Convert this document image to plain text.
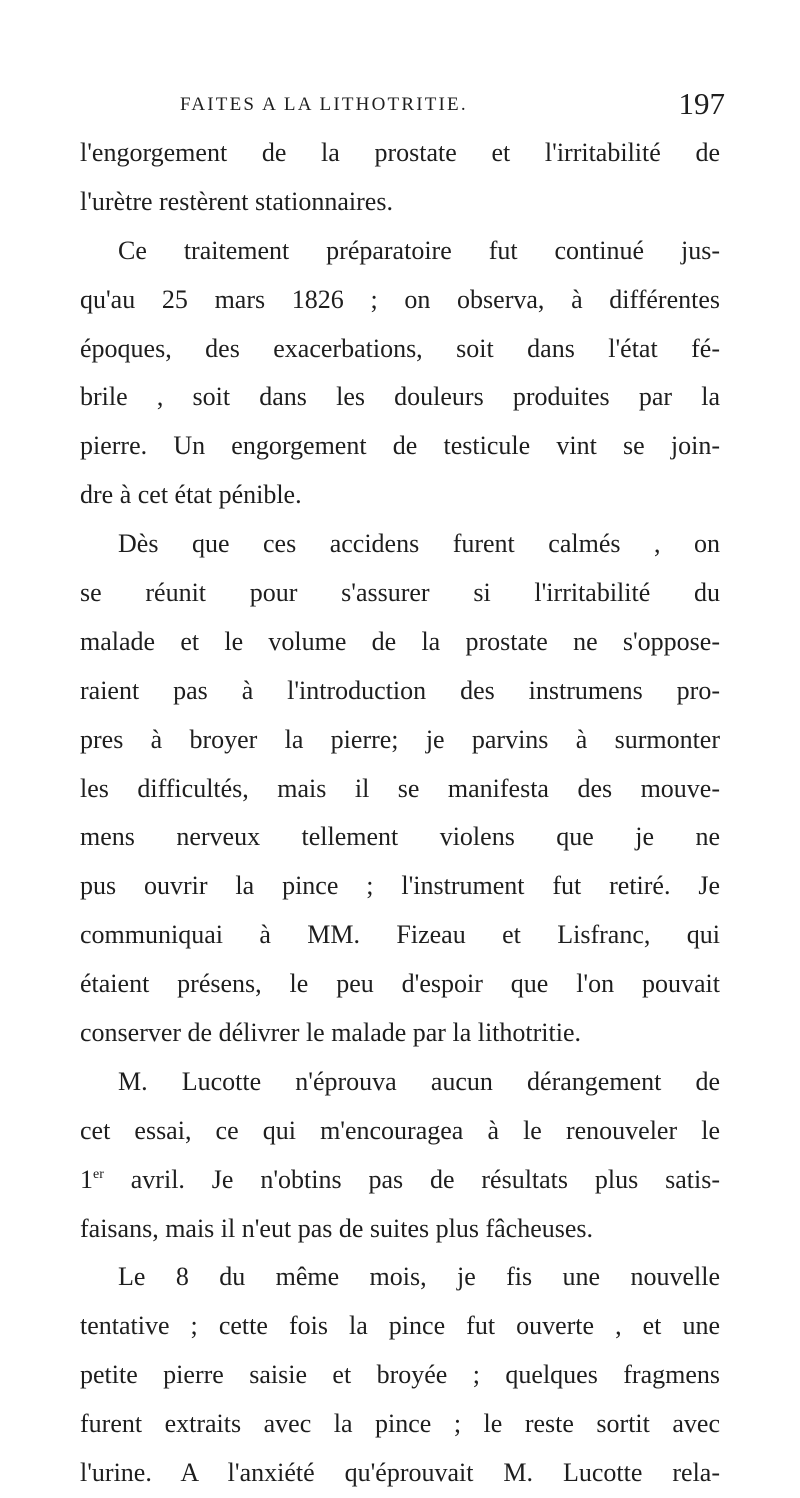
FAITES A LA LITHOTRITIE.	197
l'engorgement de la prostate et l'irritabilité de
l'urètre restèrent stationnaires.
Ce traitement préparatoire fut continué jus-
qu'au 25 mars 1826 ; on observa, à différentes
époques, des exacerbations, soit dans l'état fé-
brile , soit dans les douleurs produites par la
pierre. Un engorgement de testicule vint se join-
dre à cet état pénible.
Dès que ces accidens furent calmés , on
se réunit pour s'assurer si l'irritabilité du
malade et le volume de la prostate ne s'oppose-
raient pas à l'introduction des instrumens pro-
pres à broyer la pierre; je parvins à surmonter
les difficultés, mais il se manifesta des mouve-
mens nerveux tellement violens que je ne
pus ouvrir la pince ; l'instrument fut retiré. Je
communiquai à MM. Fizeau et Lisfranc, qui
étaient présens, le peu d'espoir que l'on pouvait
conserver de délivrer le malade par la lithotritie.
M. Lucotte n'éprouva aucun dérangement de
cet essai, ce qui m'encouragea à le renouveler le
1er avril. Je n'obtins pas de résultats plus satis-
faisans, mais il n'eut pas de suites plus fâcheuses.
Le 8 du même mois, je fis une nouvelle
tentative ; cette fois la pince fut ouverte , et une
petite pierre saisie et broyée ; quelques fragmens
furent extraits avec la pince ; le reste sortit avec
l'urine. A l'anxiété qu'éprouvait M. Lucotte rela-
